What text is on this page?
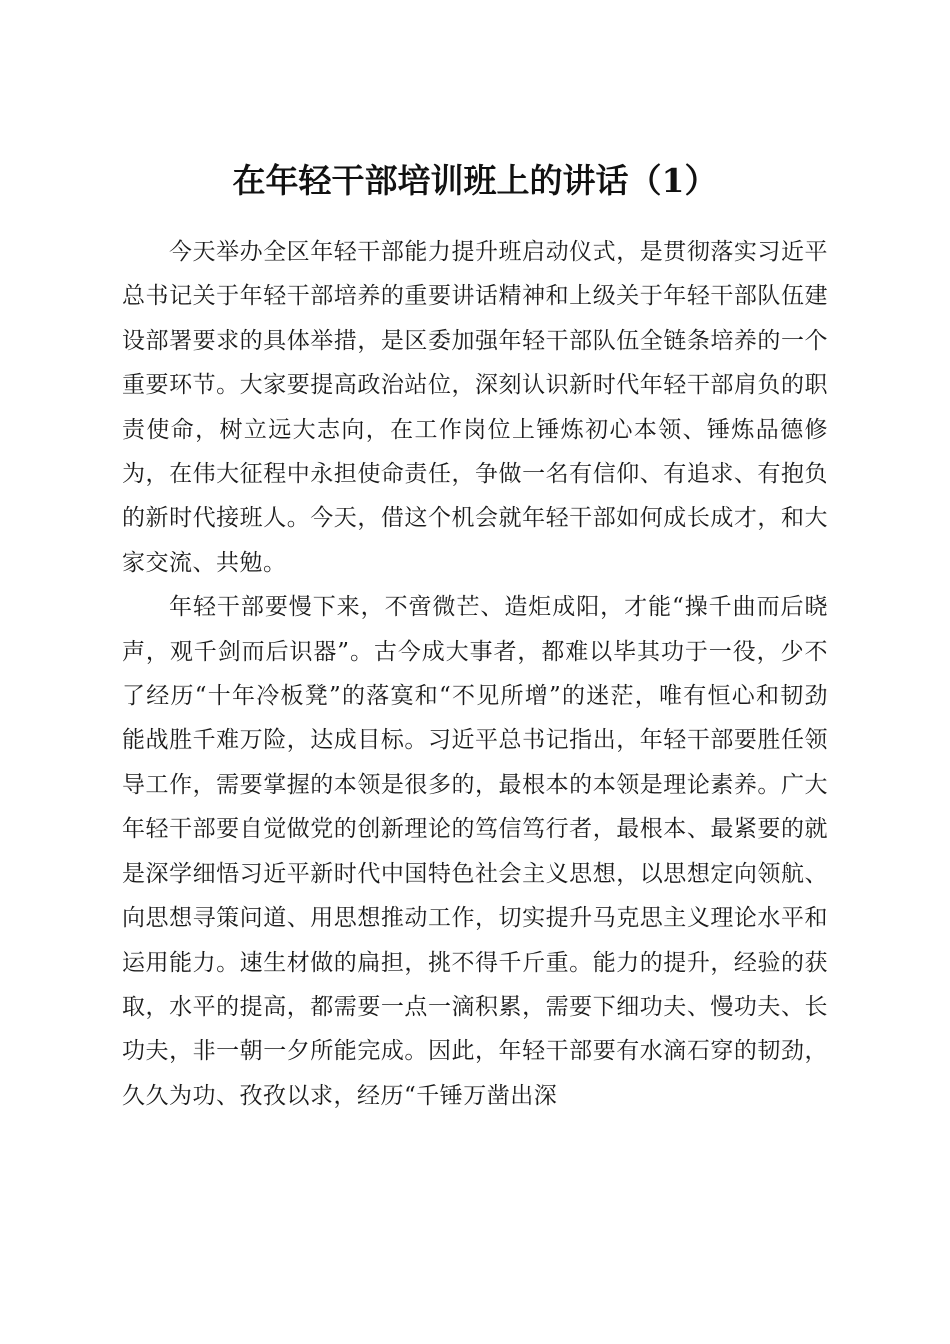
在年轻干部培训班上的讲话（1）

今天举办全区年轻干部能力提升班启动仪式，是贯彻落实习近平总书记关于年轻干部培养的重要讲话精神和上级关于年轻干部队伍建设部署要求的具体举措，是区委加强年轻干部队伍全链条培养的一个重要环节。大家要提高政治站位，深刻认识新时代年轻干部肩负的职责使命，树立远大志向，在工作岗位上锤炼初心本领、锤炼品德修为，在伟大征程中永担使命责任，争做一名有信仰、有追求、有抱负的新时代接班人。今天，借这个机会就年轻干部如何成长成才，和大家交流、共勉。

年轻干部要慢下来，不啻微芒、造炬成阳，才能“操千曲而后晓声，观千剑而后识器”。古今成大事者，都难以毕其功于一役，少不了经历“十年冷板凳”的落寞和“不见所增”的迷茫，唯有恒心和韧劲能战胜千难万险，达成目标。习近平总书记指出，年轻干部要胜任领导工作，需要掌握的本领是很多的，最根本的本领是理论素养。广大年轻干部要自觉做党的创新理论的笃信笃行者，最根本、最紧要的就是深学细悟习近平新时代中国特色社会主义思想，以思想定向领航、向思想寻策问道、用思想推动工作，切实提升马克思主义理论水平和运用能力。速生材做的扁担，挑不得千斤重。能力的提升，经验的获取，水平的提高，都需要一点一滴积累，需要下细功夫、慢功夫、长功夫，非一朝一夕所能完成。因此，年轻干部要有水滴石穿的韧劲，久久为功、孜孜以求，经历“千锤万凿出深
